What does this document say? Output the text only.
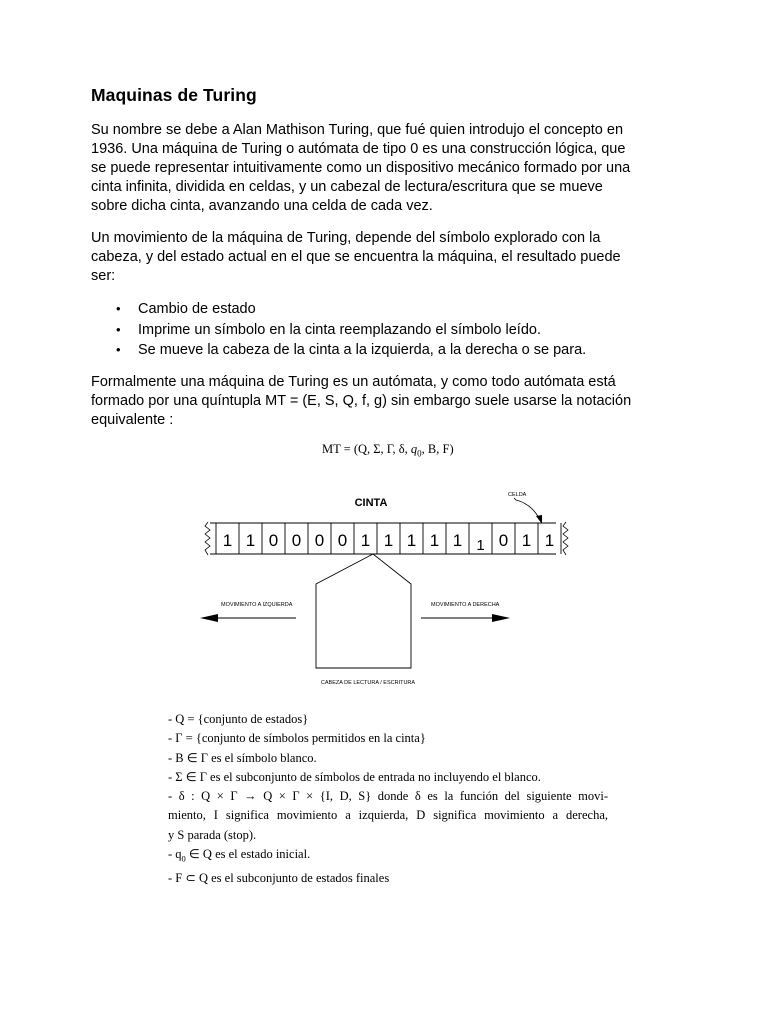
Maquinas de Turing
Su nombre se debe a Alan Mathison Turing, que fué quien introdujo el concepto en
1936. Una máquina de Turing o autómata de tipo 0 es una construcción lógica, que
se puede representar intuitivamente como un dispositivo mecánico formado por una
cinta infinita, dividida en celdas, y un cabezal de lectura/escritura que se mueve
sobre dicha cinta, avanzando una celda de cada vez.
Un movimiento de la máquina de Turing, depende del símbolo explorado con la
cabeza, y del estado actual en el que se encuentra la máquina, el resultado puede
ser:
• Cambio de estado
• Imprime un símbolo en la cinta reemplazando el símbolo leído.
• Se mueve la cabeza de la cinta a la izquierda, a la derecha o se para.
Formalmente una máquina de Turing es un autómata, y como todo autómata está
formado por una quíntupla MT = (E, S, Q, f, g) sin embargo suele usarse la notación
equivalente :
MT = (Q, Σ, Γ, δ, $q_0$, B, F)
CINTA
CELDA
1 1 0 0 0 0 1 1 1 1 1 1 0 1 1
CABEZA DE LECTURA / ESCRITURA
MOVIMIENTO A IZQUIERDA	MOVIMIENTO A DERECHA
- Q = {conjunto de estados}
- Γ = {conjunto de símbolos permitidos en la cinta}
- B ∈ Γ es el símbolo blanco.
- Σ ∈ Γ es el subconjunto de símbolos de entrada no incluyendo el blanco.
- δ : Q × Γ → Q × Γ × {I, D, S} donde δ es la función del siguiente movi-
miento, I significa movimiento a izquierda, D significa movimiento a derecha,
y S parada (stop).
- $q_0$ ∈ Q es el estado inicial.
- F ⊂ Q es el subconjunto de estados finales
